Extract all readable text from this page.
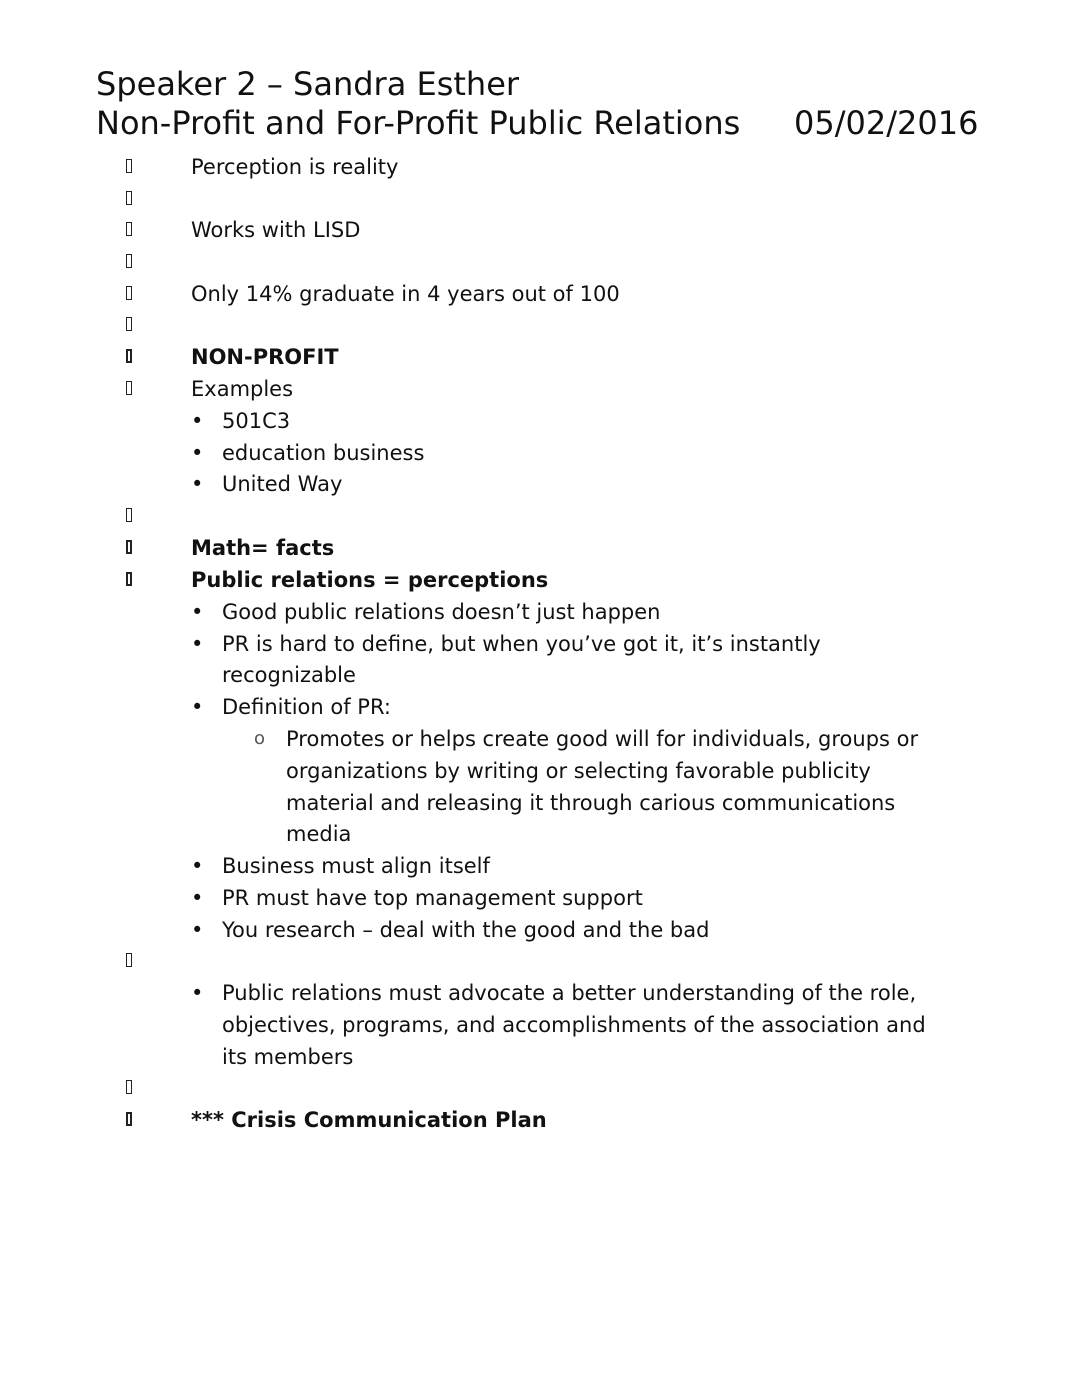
Speaker 2 – Sandra Esther
Non-Profit and For-Profit Public Relations 05/02/2016
Perception is reality
Works with LISD
Only 14% graduate in 4 years out of 100
NON-PROFIT
Examples
• 501C3
• education business
• United Way
Math= facts
Public relations = perceptions
• Good public relations doesn’t just happen
• PR is hard to define, but when you’ve got it, it’s instantly
recognizable
• Definition of PR:
o Promotes or helps create good will for individuals, groups or
organizations by writing or selecting favorable publicity
material and releasing it through carious communications
media
• Business must align itself
• PR must have top management support
• You research – deal with the good and the bad
• Public relations must advocate a better understanding of the role,
objectives, programs, and accomplishments of the association and
its members
*** Crisis Communication Plan
